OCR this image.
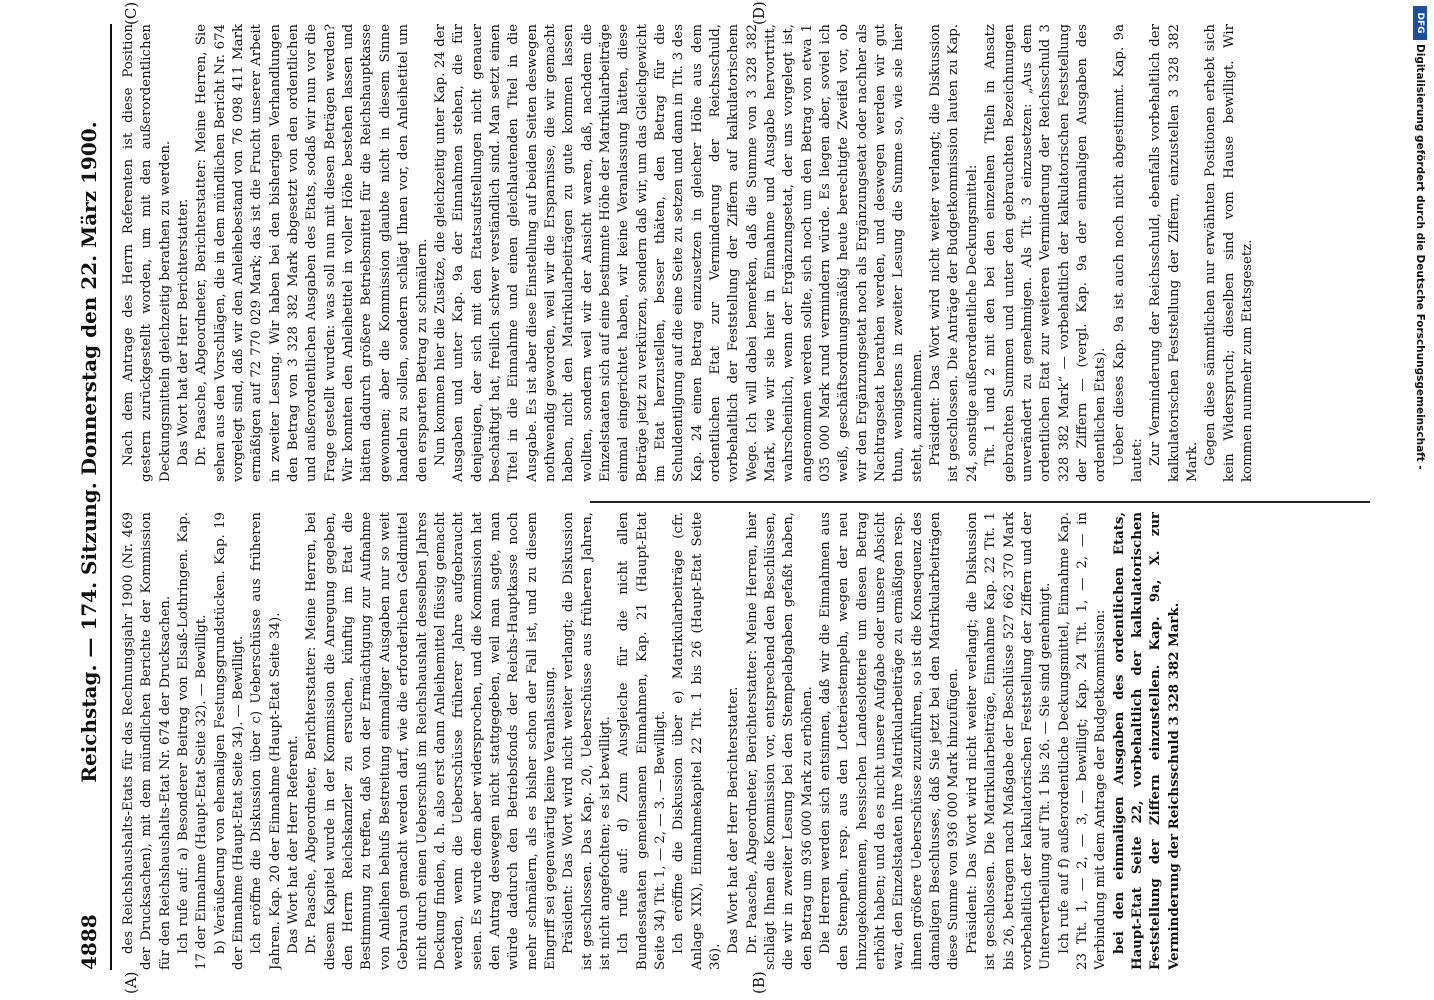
4888
Reichstag. — 174. Sitzung. Donnerstag den 22. März 1900.
(A)	(B)
(C)	(D)

des Reichshaushalts-Etats für das Rechnungsjahr 1900 (Nr. 469 der Drucksachen), mit dem mündlichen Berichte der Kommission für den Reichshaushalts-Etat Nr. 674 der Drucksachen. Ich rufe auf: a) Besonderer Beitrag von Elsaß-Lothringen. Kap. 17 der Einnahme (Haupt-Etat Seite 32). — Bewilligt. b) Veräußerung von ehemaligen Festungsgrundstücken. Kap. 19 der Einnahme (Haupt-Etat Seite 34). — Bewilligt. Ich eröffne die Diskussion über c) Ueberschüsse aus früheren Jahren. Kap. 20 der Einnahme (Haupt-Etat Seite 34). Das Wort hat der Herr Referent. Dr. Paasche, Abgeordneter, Berichterstatter: Meine Herren, bei diesem Kapitel wurde in der Kommission die Anregung gegeben, den Herrn Reichskanzler zu ersuchen, künftig im Etat die Bestimmung zu treffen, daß von der Ermächtigung zur Aufnahme von Anleihen behufs Bestreitung einmaliger Ausgaben nur so weit Gebrauch gemacht werden darf, wie die erforderlichen Geldmittel nicht durch einen Ueberschuß im Reichshaushalt desselben Jahres Deckung finden, d. h. also erst dann Anleihemittel flüssig gemacht werden, wenn die Ueberschüsse früherer Jahre aufgebraucht seien. Es wurde dem aber widersprochen, und die Kommission hat den Antrag deswegen nicht stattgegeben, weil man sagte, man würde dadurch den Betriebsfonds der Reichs-Hauptkasse noch mehr schmälern, als es bisher schon der Fall ist, und zu diesem Eingriff sei gegenwärtig keine Veranlassung. Präsident: Das Wort wird nicht weiter verlangt; die Diskussion ist geschlossen. Das Kap. 20, Ueberschüsse aus früheren Jahren, ist nicht angefochten; es ist bewilligt. Ich rufe auf: d) Zum Ausgleiche für die nicht allen Bundesstaaten gemeinsamen Einnahmen, Kap. 21 (Haupt-Etat Seite 34) Tit. 1, — 2, — 3. — Bewilligt. Ich eröffne die Diskussion über e) Matrikularbeiträge (cfr. Anlage XIX), Einnahmekapitel 22 Tit. 1 bis 26 (Haupt-Etat Seite 36).

Das Wort hat der Herr Berichterstatter. Dr. Paasche, Abgeordneter, Berichterstatter: Meine Herren, hier schlägt Ihnen die Kommission vor, entsprechend den Beschlüssen, die wir in zweiter Lesung bei den Stempelabgaben gefaßt haben, den Betrag um 936 000 Mark zu erhöhen. Die Herren werden sich entsinnen, daß wir die Einnahmen aus den Stempeln, resp. aus den Lotteriestempeln, wegen der neu hinzugekommenen, hessischen Landeslotterie um diesen Betrag erhöht haben; und da es nicht unsere Aufgabe oder unsere Absicht war, den Einzelstaaten ihre Matrikularbeiträge zu ermäßigen resp. ihnen größere Ueberschüsse zuzuführen, so ist die Konsequenz des damaligen Beschlusses, daß Sie jetzt bei den Matrikularbeiträgen diese Summe von 936 000 Mark hinzufügen. Präsident: Das Wort wird nicht weiter verlangt; die Diskussion ist geschlossen. Die Matrikularbeiträge, Einnahme Kap. 22 Tit. 1 bis 26, betragen nach Maßgabe der Beschlüsse 527 662 370 Mark vorbehaltlich der kalkulatorischen Feststellung der Ziffern und der Untervertheilung auf Tit. 1 bis 26. — Sie sind genehmigt. Ich rufe auf f) außerordentliche Deckungsmittel, Einnahme Kap. 23 Tit. 1, — 2, — 3, — bewilligt; Kap. 24 Tit. 1, — 2, — in Verbindung mit dem Antrage der Budgetkommission: bei den einmaligen Ausgaben des ordentlichen Etats, Haupt-Etat Seite 22, vorbehaltlich der kalkulatorischen Feststellung der Ziffern einzustellen. Kap. 9a, X. zur Verminderung der Reichsschuld 3 328 382 Mark.

Nach dem Antrage des Herrn Referenten ist diese Position gestern zurückgestellt worden, um mit den außerordentlichen Deckungsmitteln gleichzeitig berathen zu werden. Das Wort hat der Herr Berichterstatter. Dr. Paasche, Abgeordneter, Berichterstatter: Meine Herren, Sie sehen aus den Vorschlägen, die in dem mündlichen Bericht Nr. 674 vorgelegt sind, daß wir den Anleihebestand von 76 098 411 Mark ermäßigen auf 72 770 029 Mark; das ist die Frucht unserer Arbeit in zweiter Lesung. Wir haben bei den bisherigen Verhandlungen den Betrag von 3 328 382 Mark abgesetzt von den ordentlichen und außerordentlichen Ausgaben des Etats, sodaß wir nun vor die Frage gestellt wurden: was soll nun mit diesen Beträgen werden? Wir konnten den Anleihetitel in voller Höhe bestehen lassen und hätten dadurch größere Betriebsmittel für die Reichshauptkasse gewonnen; aber die Kommission glaubte nicht in diesem Sinne handeln zu sollen, sondern schlägt Ihnen vor, den Anleihetitel um den ersparten Betrag zu schmälern. Nun kommen hier die Zusätze, die gleichzeitig unter Kap. 24 der Ausgaben und unter Kap. 9a der Einnahmen stehen, die für denjenigen, der sich mit den Etatsaufstellungen nicht genauer beschäftigt hat, freilich schwer verständlich sind. Man setzt einen Titel in die Einnahme und einen gleichlautenden Titel in die Ausgabe. Es ist aber diese Einstellung auf beiden Seiten deswegen nothwendig geworden, weil wir die Ersparnisse, die wir gemacht haben, nicht den Matrikularbeiträgen zu gute kommen lassen wollten, sondern weil wir der Ansicht waren, daß, nachdem die Einzelstaaten sich auf eine bestimmte Höhe der Matrikularbeiträge einmal eingerichtet haben, wir keine Veranlassung hätten, diese Beträge jetzt zu verkürzen, sondern daß wir, um das Gleichgewicht im Etat herzustellen, besser thäten, den Betrag für die Schuldentilgung auf die eine Seite zu setzen und dann in Tit. 3 des Kap. 24 einen Betrag einzusetzen in gleicher Höhe aus dem ordentlichen Etat zur Verminderung der Reichsschuld, vorbehaltlich der Feststellung der Ziffern auf kalkulatorischem Wege. Ich will dabei bemerken, daß die Summe von 3 328 382 Mark, wie wir sie hier in Einnahme und Ausgabe hervortritt, wahrscheinlich, wenn der Ergänzungsetat, der uns vorgelegt ist, angenommen werden sollte, sich noch um den Betrag von etwa 1 035 000 Mark rund vermindern würde. Es liegen aber, soviel ich weiß, geschäftsordnungsmäßig heute berechtigte Zweifel vor, ob wir den Ergänzungsetat noch als Ergänzungsetat oder nachher als Nachtragsetat berathen werden, und deswegen werden wir gut thun, wenigstens in zweiter Lesung die Summe so, wie sie hier steht, anzunehmen. Präsident: Das Wort wird nicht weiter verlangt; die Diskussion ist geschlossen. Die Anträge der Budgetkommission lauten zu Kap. 24, sonstige außerordentliche Deckungsmittel: Tit. 1 und 2 mit den bei den einzelnen Titeln in Ansatz gebrachten Summen und unter den gebrauchten Bezeichnungen unverändert zu genehmigen. Als Tit. 3 einzusetzen: „Aus dem ordentlichen Etat zur weiteren Verminderung der Reichsschuld 3 328 382 Mark“ — vorbehaltlich der kalkulatorischen Feststellung der Ziffern — (vergl. Kap. 9a der einmaligen Ausgaben des ordentlichen Etats). Ueber dieses Kap. 9a ist auch noch nicht abgestimmt. Kap. 9a lautet: Zur Verminderung der Reichsschuld, ebenfalls vorbehaltlich der kalkulatorischen Feststellung der Ziffern, einzustellen 3 328 382 Mark. Gegen diese sämmtlichen nur erwähnten Positionen erhebt sich kein Widerspruch; dieselben sind vom Hause bewilligt. Wir kommen nunmehr zum Etatsgesetz.	Digitalisierung gefördert durch die Deutsche Forschungsgemeinschaft -
DFG
